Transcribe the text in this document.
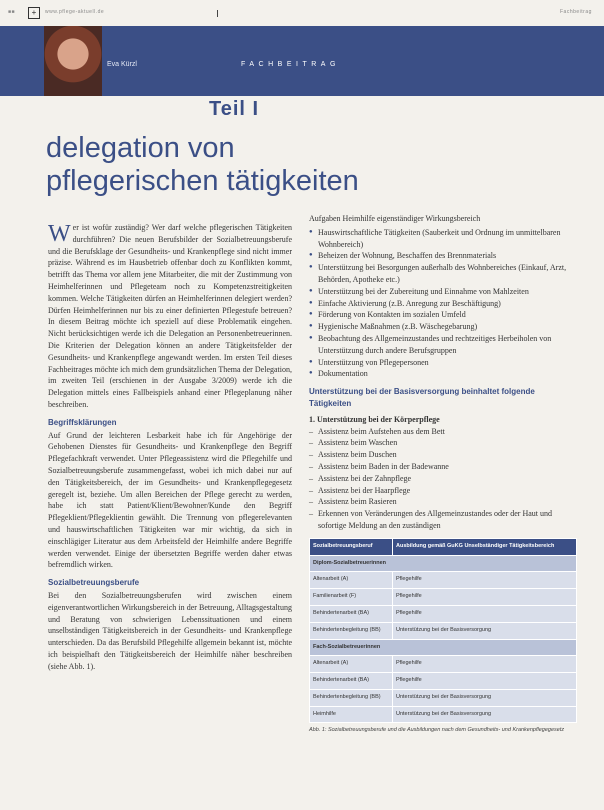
■■	+	www.pflege-aktuell.de	Fachbeitrag
Eva Kürzl	FACHBEITRAG
Teil I
delegation von
pflegerischen tätigkeiten

Wer ist wofür zuständig? Wer darf welche pflegerischen Tätigkeiten durchführen? Die neuen Berufsbilder der Sozialbetreuungsberufe und die Berufsklage der Gesundheits- und Krankenpflege sind nicht immer präzise. Während es im Hausbetrieb offenbar doch zu Konflikten kommt, betrifft das Thema vor allem jene Mitarbeiter, die mit der Zustimmung von Heimhelferinnen und Pflegeteam noch zu Kompetenzstreitigkeiten kommen. Welche Tätigkeiten dürfen an Heimhelferinnen delegiert werden? Dürfen Heimhelferinnen nur bis zu einer definierten Pflegestufe betreuen? In diesem Beitrag möchte ich speziell auf diese Problematik eingehen. Nicht berücksichtigen werde ich die Delegation an Personenbetreuerinnen. Die Kriterien der Delegation können an andere Tätigkeitsfelder der Gesundheits- und Krankenpflege angewandt werden. Im ersten Teil dieses Fachbeitrages möchte ich mich dem grundsätzlichen Thema der Delegation, im zweiten Teil (erschienen in der Ausgabe 3/2009) werde ich die Delegation mittels eines Fallbeispiels anhand einer Pflegeplanung näher beschreiben.

Begriffsklärungen

Auf Grund der leichteren Lesbarkeit habe ich für Angehörige der Gehobenen Dienstes für Gesundheits- und Krankenpflege den Begriff Pflegefachkraft verwendet. Unter Pflegeassistenz wird die Pflegehilfe und Sozialbetreuungsberufe zusammengefasst, wobei ich mich dabei nur auf den Tätigkeitsbereich, der im Gesundheits- und Krankenpflegegesetz geregelt ist, beziehe. Um allen Bereichen der Pflege gerecht zu werden, habe ich statt Patient/Klient/Bewohner/Kunde den Begriff Pflegeklient/Pflegeklientin gewählt. Die Trennung von pflegerelevanten und hauswirtschaftlichen Tätigkeiten war mir wichtig, da sich in einschlägiger Literatur aus dem Arbeitsfeld der Heimhilfe andere Begriffe werden verwendet. Einige der übersetzten Begriffe werden daher etwas befremdlich wirken.

Sozialbetreuungsberufe

Bei den Sozialbetreuungsberufen wird zwischen einem eigenverantwortlichen Wirkungsbereich in der Betreuung, Alltagsgestaltung und Beratung von schwierigen Lebenssituationen und einem unselbständigen Tätigkeitsbereich in der Gesundheits- und Krankenpflege unterschieden. Da das Berufsbild Pflegehilfe allgemein bekannt ist, möchte ich beispielhaft den Tätigkeitsbereich der Heimhilfe näher beschreiben (siehe Abb. 1).

Aufgaben Heimhilfe eigenständiger Wirkungsbereich
● Hauswirtschaftliche Tätigkeiten (Sauberkeit und Ordnung im unmittelbaren Wohnbereich)
● Beheizen der Wohnung, Beschaffen des Brennmaterials
● Unterstützung bei Besorgungen außerhalb des Wohnbereiches (Einkauf, Arzt, Behörden, Apotheke etc.)
● Unterstützung bei der Zubereitung und Einnahme von Mahlzeiten
● Einfache Aktivierung (z.B. Anregung zur Beschäftigung)
● Förderung von Kontakten im sozialen Umfeld
● Hygienische Maßnahmen (z.B. Wäschegebarung)
● Beobachtung des Allgemeinzustandes und rechtzeitiges Herbeiholen von Unterstützung durch andere Berufsgruppen
● Unterstützung von Pflegepersonen
● Dokumentation
Unterstützung bei der Basisversorgung beinhaltet folgende Tätigkeiten
1. Unterstützung bei der Körperpflege
– Assistenz beim Aufstehen aus dem Bett
– Assistenz beim Waschen
– Assistenz beim Duschen
– Assistenz beim Baden in der Badewanne
– Assistenz bei der Zahnpflege
– Assistenz bei der Haarpflege
– Assistenz beim Rasieren
– Erkennen von Veränderungen des Allgemeinzustandes oder der Haut und sofortige Meldung an den zuständigen
Sozialbetreuungsberuf	Ausbildung gemäß GuKG Unselbständiger Tätigkeitsbereich
Diplom-Sozialbetreuerinnen	
Altenarbeit (A)	Pflegehilfe
Familienarbeit (F)	Pflegehilfe
Behindertenarbeit (BA)	Pflegehilfe
Behindertenbegleitung (BB)	Unterstützung bei der Basisversorgung
Fach-Sozialbetreuerinnen	
Altenarbeit (A)	Pflegehilfe
Behindertenarbeit (BA)	Pflegehilfe
Behindertenbegleitung (BB)	Unterstützung bei der Basisversorgung
Heimhilfe	Unterstützung bei der Basisversorgung
Abb. 1: Sozialbetreuungsberufe und die Ausbildungen nach dem Gesundheits- und Krankenpflegegesetz
